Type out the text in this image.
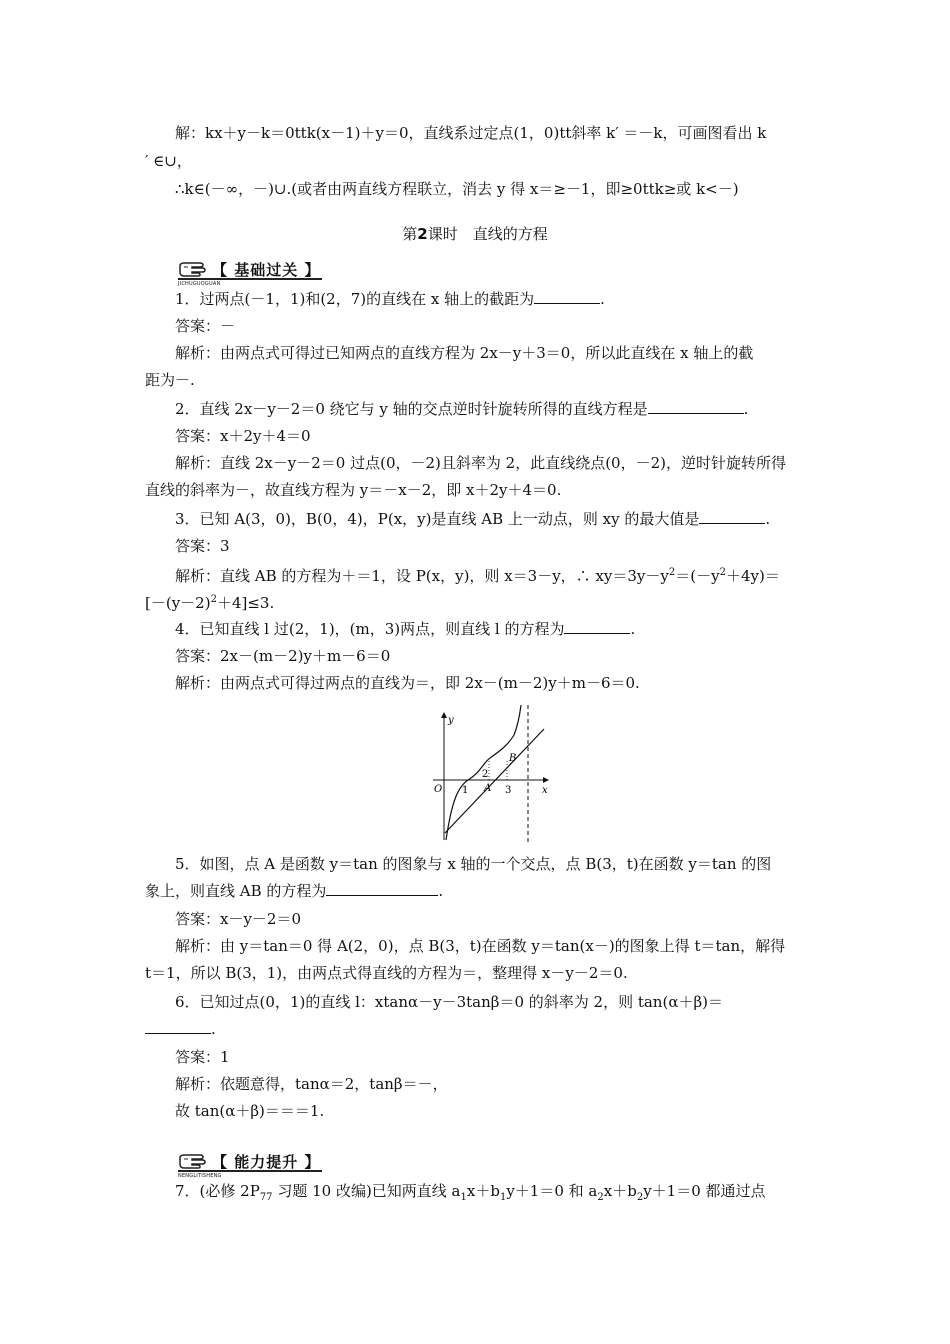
解：kx＋y－k＝0ttk(x－1)＋y＝0，直线系过定点(1，0)tt斜率 k′ ＝－k，可画图看出 k
′ ∈∪，
∴k∈(－∞，－)∪.(或者由两直线方程联立，消去 y 得 x＝≥－1，即≥0ttk≥或 k<－)
第2课时　直线的方程
【 基础过关 】
JICHUGUOGUAN
1．过两点(－1，1)和(2，7)的直线在 x 轴上的截距为	.
答案：－
解析：由两点式可得过已知两点的直线方程为 2x－y＋3＝0，所以此直线在 x 轴上的截
距为－.
2．直线 2x－y－2＝0 绕它与 y 轴的交点逆时针旋转所得的直线方程是	.
答案：x＋2y＋4＝0
解析：直线 2x－y－2＝0 过点(0，－2)且斜率为 2，此直线绕点(0，－2)，逆时针旋转所得
直线的斜率为－，故直线方程为 y＝－x－2，即 x＋2y＋4＝0.
3．已知 A(3，0)，B(0，4)，P(x，y)是直线 AB 上一动点，则 xy 的最大值是	.
答案：3
解析：直线 AB 的方程为＋＝1，设 P(x，y)，则 x＝3－y，∴ $xy=3y-y^2=(-y^2+4y)=$
$[-(y-2)^2+4]\le 3$.
4．已知直线 l 过(2，1)，(m，3)两点，则直线 l 的方程为	.
答案：2x－(m－2)y＋m－6＝0
解析：由两点式可得过两点的直线为＝，即 2x－(m－2)y＋m－6＝0.
y
x
O 1
2
3
A
B
5．如图，点 A 是函数 y＝tan 的图象与 x 轴的一个交点，点 B(3，t)在函数 y＝tan 的图
象上，则直线 AB 的方程为	.
答案：x－y－2＝0
解析：由 y＝tan＝0 得 A(2，0)，点 B(3，t)在函数 y＝tan(x－)的图象上得 t＝tan，解得
t＝1，所以 B(3，1)，由两点式得直线的方程为＝，整理得 x－y－2＝0.
6．已知过点(0，1)的直线 l：xtanα－y－3tanβ＝0 的斜率为 2，则 tan(α＋β)＝
.
答案：1
解析：依题意得，tanα＝2，tanβ＝－，
故 tan(α＋β)＝＝＝1.
【 能力提升 】
NENGLITISHENG
7．(必修 $2P_{77}$ 习题 10 改编)已知两直线 $a_1x+b_1y+1=0$ 和 $a_2x+b_2y+1=0$ 都通过点
